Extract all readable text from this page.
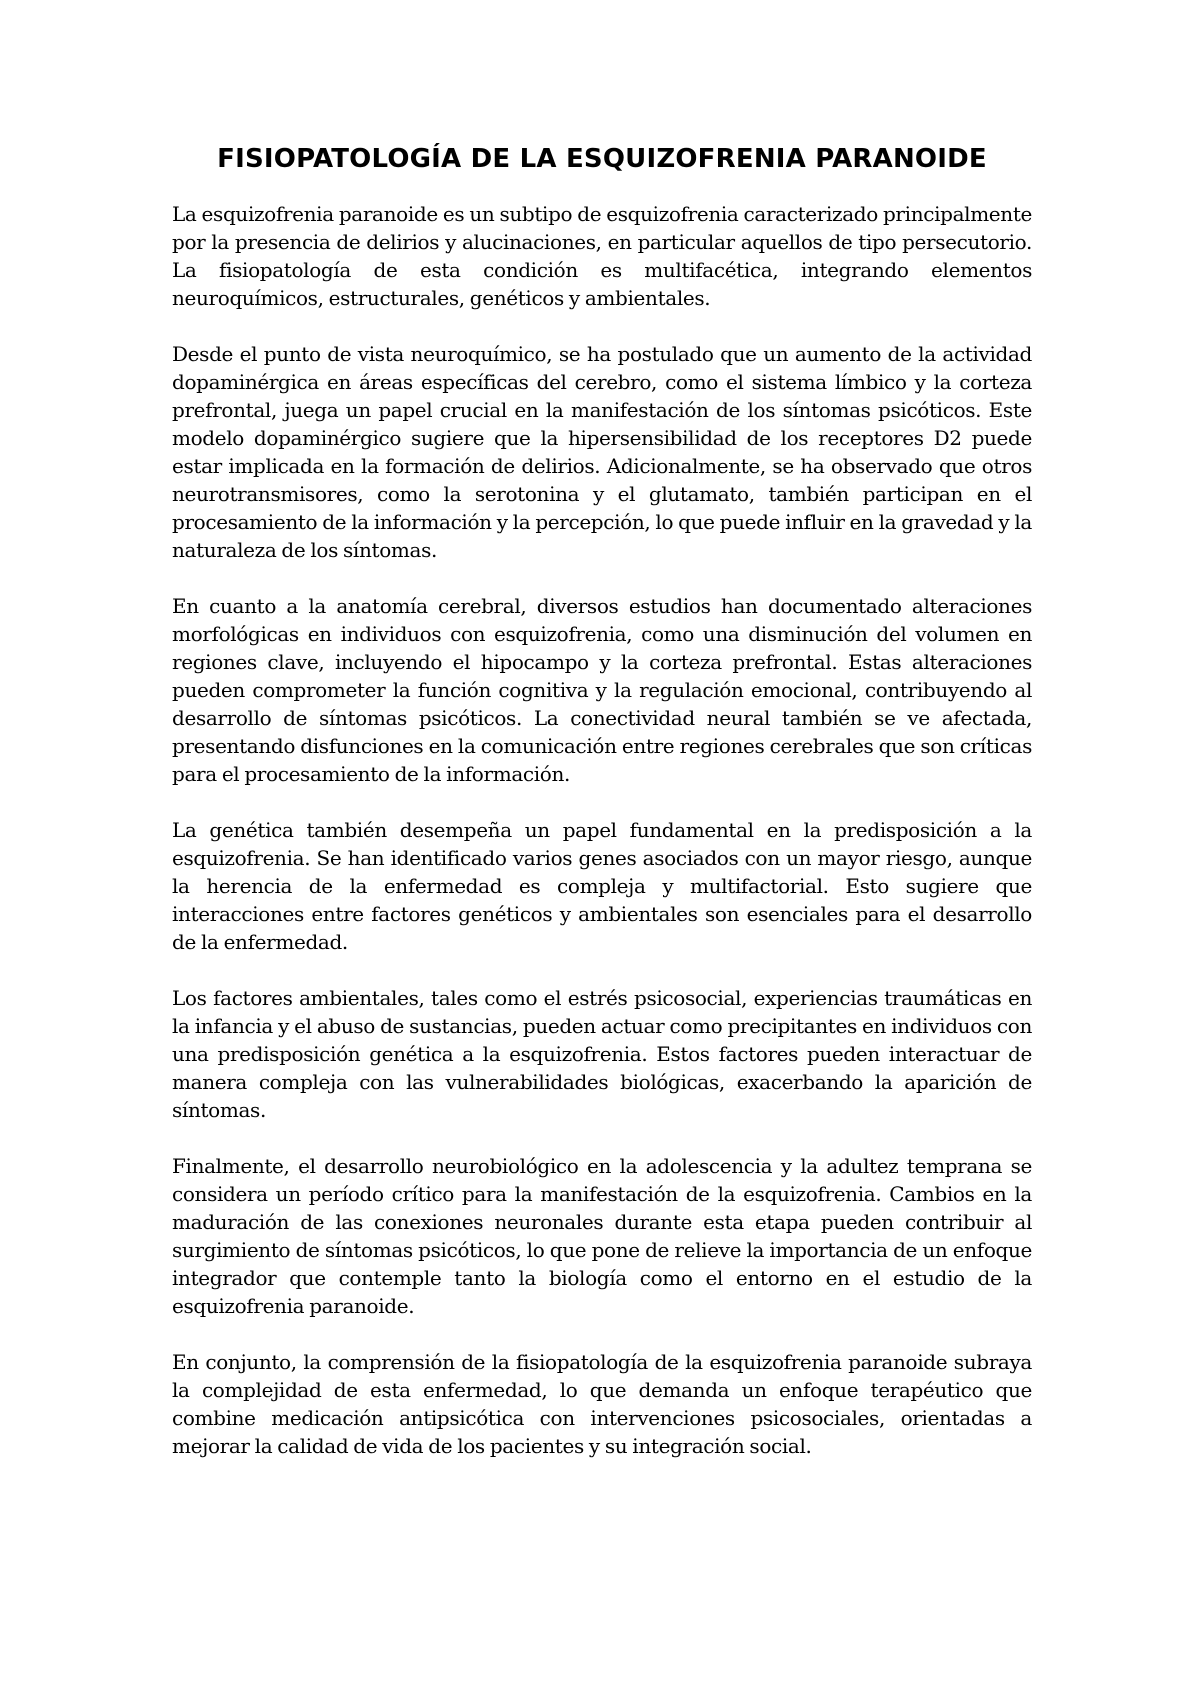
FISIOPATOLOGÍA DE LA ESQUIZOFRENIA PARANOIDE

La esquizofrenia paranoide es un subtipo de esquizofrenia caracterizado principalmente por la presencia de delirios y alucinaciones, en particular aquellos de tipo persecutorio. La fisiopatología de esta condición es multifacética, integrando elementos neuroquímicos, estructurales, genéticos y ambientales.

Desde el punto de vista neuroquímico, se ha postulado que un aumento de la actividad dopaminérgica en áreas específicas del cerebro, como el sistema límbico y la corteza prefrontal, juega un papel crucial en la manifestación de los síntomas psicóticos. Este modelo dopaminérgico sugiere que la hipersensibilidad de los receptores D2 puede estar implicada en la formación de delirios. Adicionalmente, se ha observado que otros neurotransmisores, como la serotonina y el glutamato, también participan en el procesamiento de la información y la percepción, lo que puede influir en la gravedad y la naturaleza de los síntomas.

En cuanto a la anatomía cerebral, diversos estudios han documentado alteraciones morfológicas en individuos con esquizofrenia, como una disminución del volumen en regiones clave, incluyendo el hipocampo y la corteza prefrontal. Estas alteraciones pueden comprometer la función cognitiva y la regulación emocional, contribuyendo al desarrollo de síntomas psicóticos. La conectividad neural también se ve afectada, presentando disfunciones en la comunicación entre regiones cerebrales que son críticas para el procesamiento de la información.

La genética también desempeña un papel fundamental en la predisposición a la esquizofrenia. Se han identificado varios genes asociados con un mayor riesgo, aunque la herencia de la enfermedad es compleja y multifactorial. Esto sugiere que interacciones entre factores genéticos y ambientales son esenciales para el desarrollo de la enfermedad.

Los factores ambientales, tales como el estrés psicosocial, experiencias traumáticas en la infancia y el abuso de sustancias, pueden actuar como precipitantes en individuos con una predisposición genética a la esquizofrenia. Estos factores pueden interactuar de manera compleja con las vulnerabilidades biológicas, exacerbando la aparición de síntomas.

Finalmente, el desarrollo neurobiológico en la adolescencia y la adultez temprana se considera un período crítico para la manifestación de la esquizofrenia. Cambios en la maduración de las conexiones neuronales durante esta etapa pueden contribuir al surgimiento de síntomas psicóticos, lo que pone de relieve la importancia de un enfoque integrador que contemple tanto la biología como el entorno en el estudio de la esquizofrenia paranoide.

En conjunto, la comprensión de la fisiopatología de la esquizofrenia paranoide subraya la complejidad de esta enfermedad, lo que demanda un enfoque terapéutico que combine medicación antipsicótica con intervenciones psicosociales, orientadas a mejorar la calidad de vida de los pacientes y su integración social.
